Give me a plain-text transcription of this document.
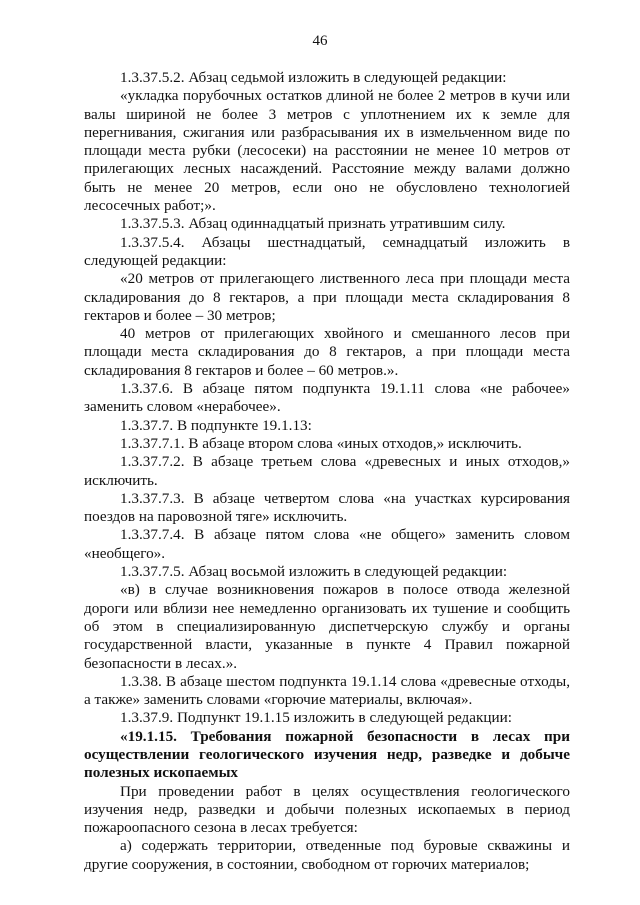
46

1.3.37.5.2. Абзац седьмой изложить в следующей редакции:

«укладка порубочных остатков длиной не более 2 метров в кучи или валы шириной не более 3 метров с уплотнением их к земле для перегнивания, сжигания или разбрасывания их в измельченном виде по площади места рубки (лесосеки) на расстоянии не менее 10 метров от прилегающих лесных насаждений. Расстояние между валами должно быть не менее 20 метров, если оно не обусловлено технологией лесосечных работ;».

1.3.37.5.3. Абзац одиннадцатый признать утратившим силу.

1.3.37.5.4. Абзацы шестнадцатый, семнадцатый изложить в следующей редакции:

«20 метров от прилегающего лиственного леса при площади места складирования до 8 гектаров, а при площади места складирования 8 гектаров и более – 30 метров;

40 метров от прилегающих хвойного и смешанного лесов при площади места складирования до 8 гектаров, а при площади места складирования 8 гектаров и более – 60 метров.».

1.3.37.6. В абзаце пятом подпункта 19.1.11 слова «не рабочее» заменить словом «нерабочее».

1.3.37.7. В подпункте 19.1.13:

1.3.37.7.1. В абзаце втором слова «иных отходов,» исключить.

1.3.37.7.2. В абзаце третьем слова «древесных и иных отходов,» исключить.

1.3.37.7.3. В абзаце четвертом слова «на участках курсирования поездов на паровозной тяге» исключить.

1.3.37.7.4. В абзаце пятом слова «не общего» заменить словом «необщего».

1.3.37.7.5. Абзац восьмой изложить в следующей редакции:

«в) в случае возникновения пожаров в полосе отвода железной дороги или вблизи нее немедленно организовать их тушение и сообщить об этом в специализированную диспетчерскую службу и органы государственной власти, указанные в пункте 4 Правил пожарной безопасности в лесах.».

1.3.38. В абзаце шестом подпункта 19.1.14 слова «древесные отходы, а также» заменить словами «горючие материалы, включая».

1.3.37.9. Подпункт 19.1.15 изложить в следующей редакции:

«19.1.15. Требования пожарной безопасности в лесах при осуществлении геологического изучения недр, разведке и добыче полезных ископаемых

При проведении работ в целях осуществления геологического изучения недр, разведки и добычи полезных ископаемых в период пожароопасного сезона в лесах требуется:

а) содержать территории, отведенные под буровые скважины и другие сооружения, в состоянии, свободном от горючих материалов;
